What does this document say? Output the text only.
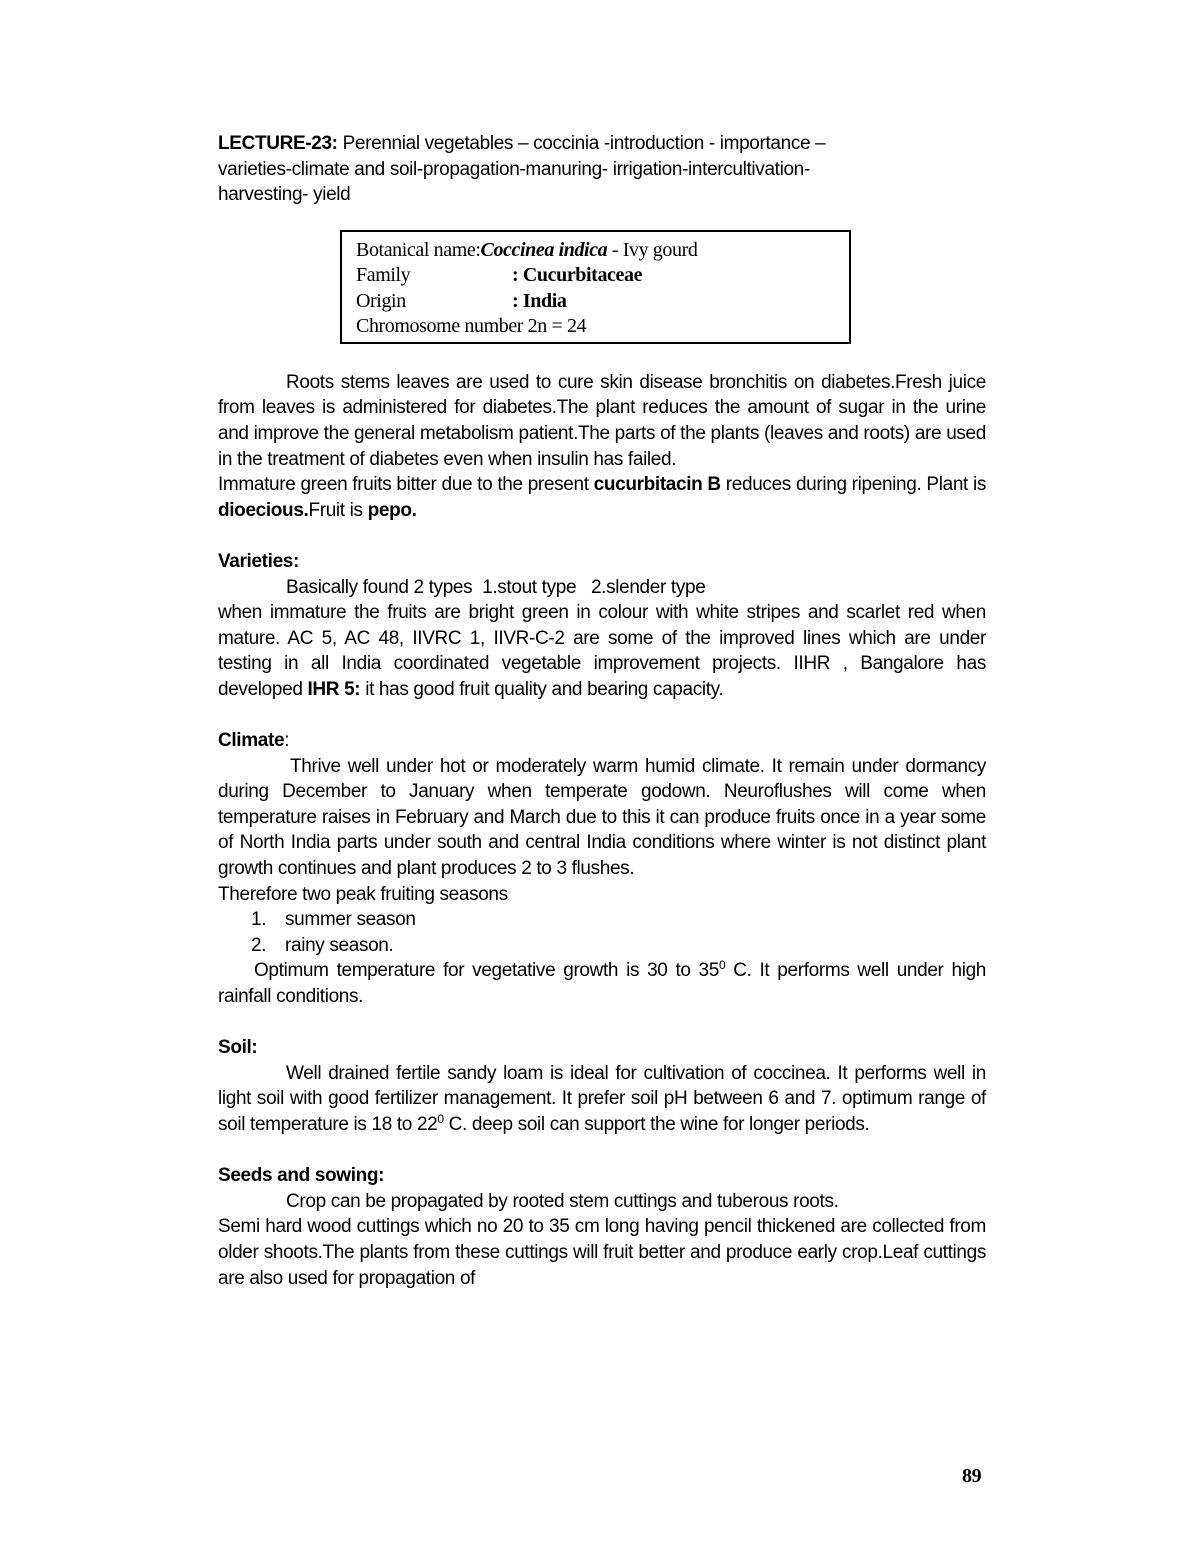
LECTURE-23: Perennial vegetables – coccinia -introduction - importance –
varieties-climate and soil-propagation-manuring- irrigation-intercultivation-
harvesting- yield

Botanical name: Coccinea indica - Ivy gourd
Family	: Cucurbitaceae
Origin	: India
Chromosome number 2n = 24

Roots stems leaves are used to cure skin disease bronchitis on diabetes.Fresh juice from leaves is administered for diabetes.The plant reduces the amount of sugar in the urine and improve the general metabolism patient.The parts of the plants (leaves and roots) are used in the treatment of diabetes even when insulin has failed.

Immature green fruits bitter due to the present cucurbitacin B reduces during ripening. Plant is dioecious.Fruit is pepo.

Varieties:

Basically found 2 types  1.stout type   2.slender type

when immature the fruits are bright green in colour with white stripes and scarlet red when mature. AC 5, AC 48, IIVRC 1, IIVR-C-2 are some of the improved lines which are under testing in all India coordinated vegetable improvement projects. IIHR , Bangalore has developed IHR 5: it has good fruit quality and bearing capacity.

Climate:

Thrive well under hot or moderately warm humid climate. It remain under dormancy during December to January when temperate godown. Neuroflushes will come when temperature raises in February and March due to this it can produce fruits once in a year some of North India parts under south and central India conditions where winter is not distinct plant growth continues and plant produces 2 to 3 flushes.

Therefore two peak fruiting seasons

1. summer season
2. rainy season.

Optimum temperature for vegetative growth is 30 to $35^0$ C. It performs well under high rainfall conditions.

Soil:

Well drained fertile sandy loam is ideal for cultivation of coccinea. It performs well in light soil with good fertilizer management. It prefer soil pH between 6 and 7. optimum range of soil temperature is 18 to $22^0$ C. deep soil can support the wine for longer periods.

Seeds and sowing:

Crop can be propagated by rooted stem cuttings and tuberous roots.

Semi hard wood cuttings which no 20 to 35 cm long having pencil thickened are collected from older shoots.The plants from these cuttings will fruit better and produce early crop.Leaf cuttings are also used for propagation of

89
